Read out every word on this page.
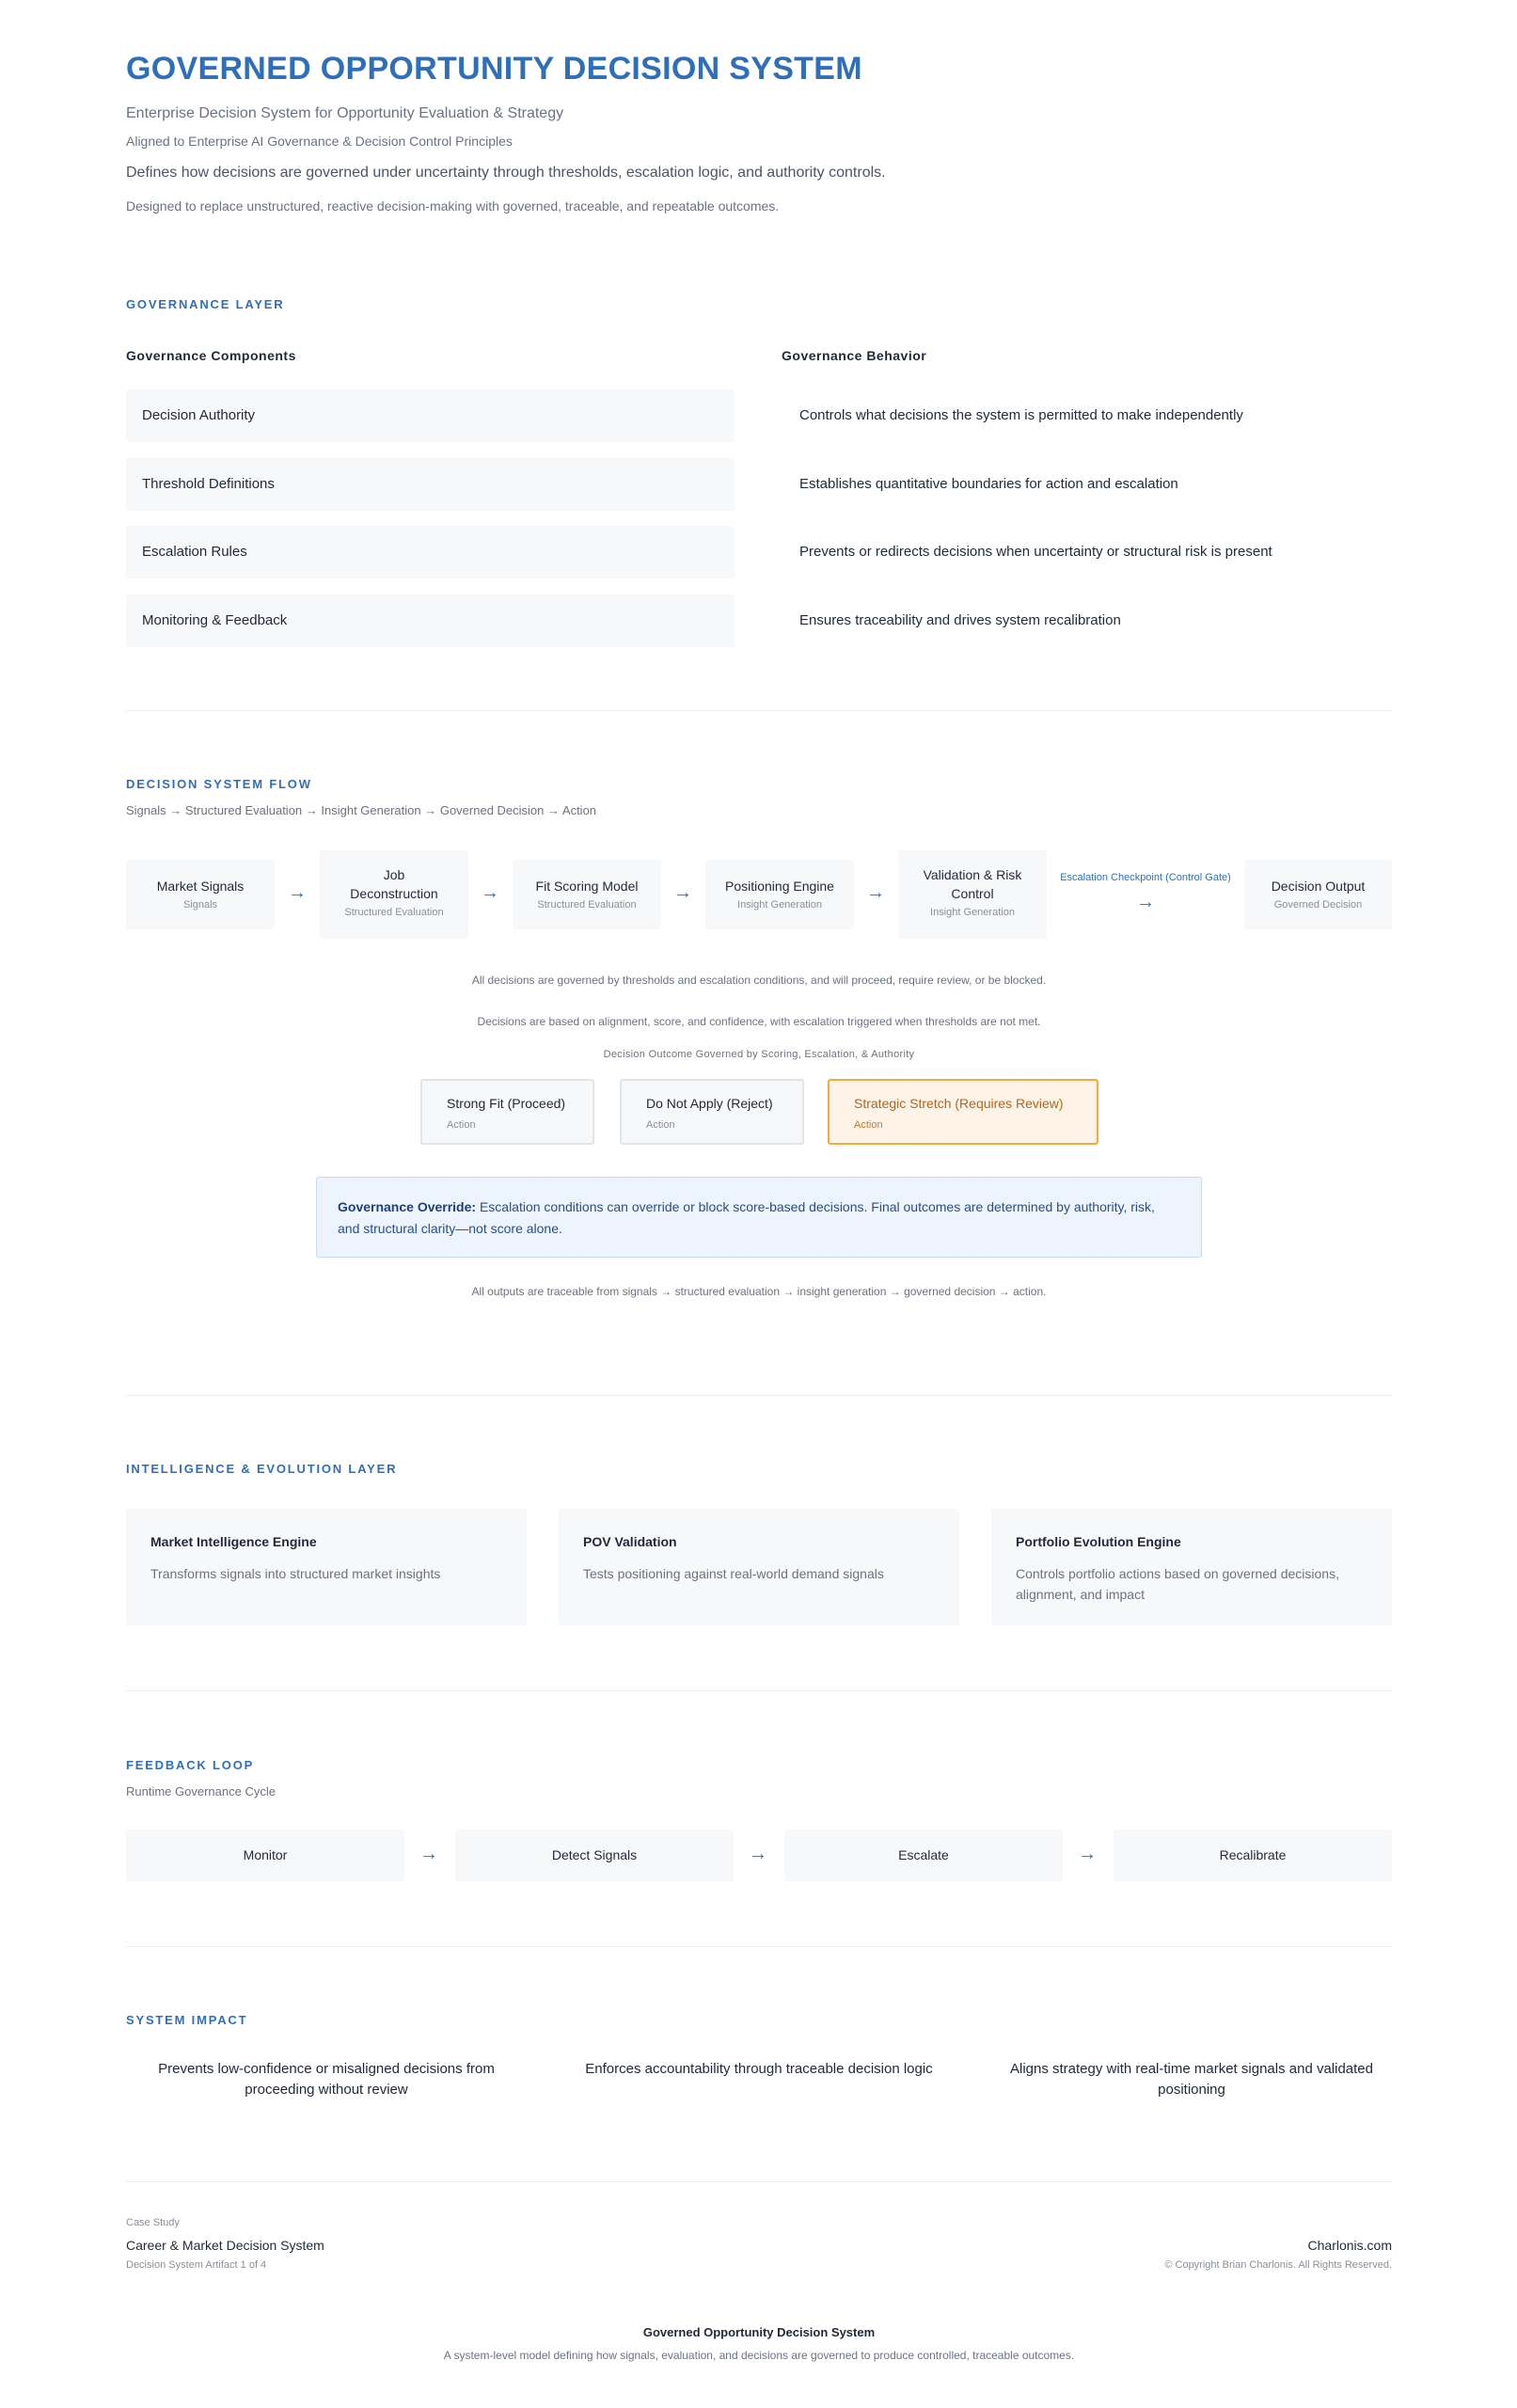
GOVERNED OPPORTUNITY DECISION SYSTEM
Enterprise Decision System for Opportunity Evaluation & Strategy
Aligned to Enterprise AI Governance & Decision Control Principles
Defines how decisions are governed under uncertainty through thresholds, escalation logic, and authority controls.
Designed to replace unstructured, reactive decision-making with governed, traceable, and repeatable outcomes.
GOVERNANCE LAYER
Governance Components	Governance Behavior
Decision Authority	Controls what decisions the system is permitted to make independently
Threshold Definitions	Establishes quantitative boundaries for action and escalation
Escalation Rules	Prevents or redirects decisions when uncertainty or structural risk is present
Monitoring & Feedback	Ensures traceability and drives system recalibration
DECISION SYSTEM FLOW
Signals → Structured Evaluation → Insight Generation → Governed Decision → Action
Market Signals
Signals
→
Job Deconstruction
Structured Evaluation
→	Fit Scoring Model
Structured Evaluation
→	Positioning Engine
Insight Generation
→
Validation & Risk Control
Insight Generation
Escalation Checkpoint (Control Gate)
→
Decision Output
Governed Decision
All decisions are governed by thresholds and escalation conditions, and will proceed, require review, or be blocked.
Decisions are based on alignment, score, and confidence, with escalation triggered when thresholds are not met.
Decision Outcome Governed by Scoring, Escalation, & Authority
Strong Fit (Proceed)
Action
Do Not Apply (Reject)
Action
Strategic Stretch (Requires Review)
Action
Governance Override: Escalation conditions can override or block score-based decisions. Final outcomes are determined by authority, risk, and structural clarity—not score alone.
All outputs are traceable from signals → structured evaluation → insight generation → governed decision → action.
INTELLIGENCE & EVOLUTION LAYER
Market Intelligence Engine
Transforms signals into structured market insights
POV Validation
Tests positioning against real-world demand signals
Portfolio Evolution Engine
Controls portfolio actions based on governed decisions, alignment, and impact
FEEDBACK LOOP
Runtime Governance Cycle
Monitor	→	Detect Signals	→	Escalate	→	Recalibrate
SYSTEM IMPACT
Prevents low-confidence or misaligned decisions from proceeding without review
Enforces accountability through traceable decision logic	Aligns strategy with real-time market signals and validated positioning
Case Study
Career & Market Decision System
Decision System Artifact 1 of 4
Charlonis.com
© Copyright Brian Charlonis. All Rights Reserved.
Governed Opportunity Decision System
A system-level model defining how signals, evaluation, and decisions are governed to produce controlled, traceable outcomes.
